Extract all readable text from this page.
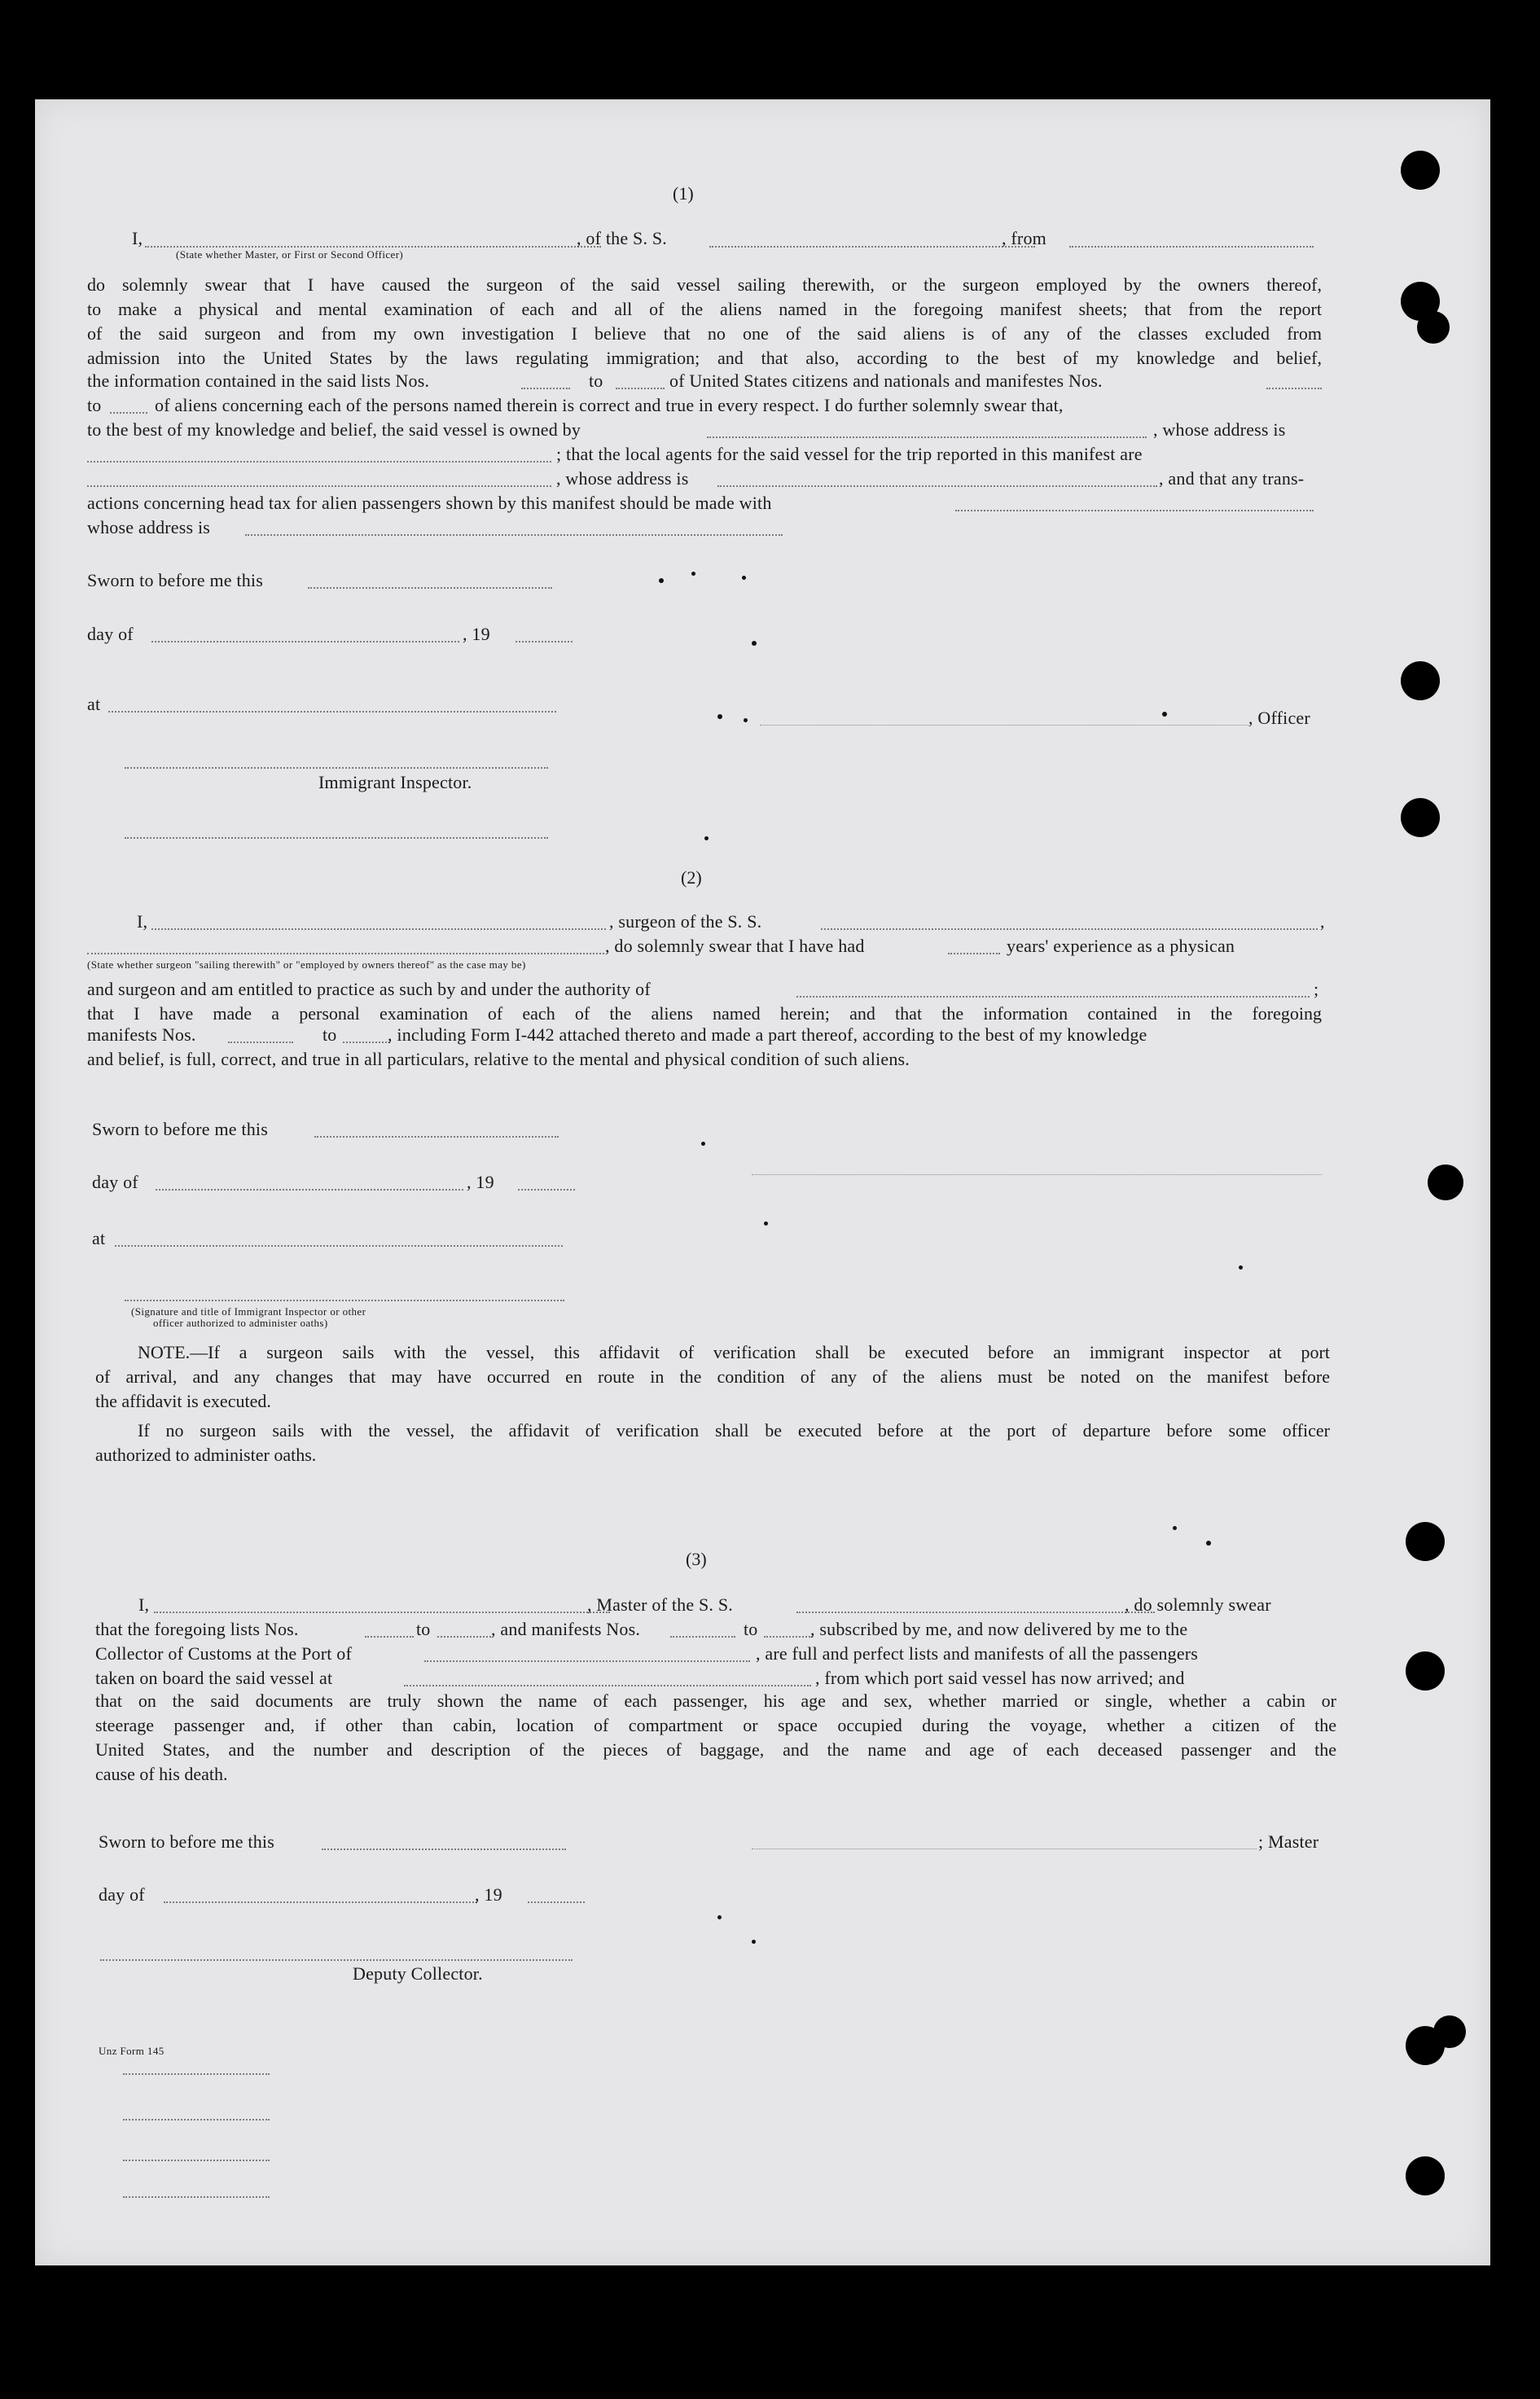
(1)
I,	, of the S. S.	, from
(State whether Master, or First or Second Officer)
do solemnly swear that I have caused the surgeon of the said vessel sailing therewith, or the surgeon employed by the owners thereof,
to make a physical and mental examination of each and all of the aliens named in the foregoing manifest sheets; that from the report
of the said surgeon and from my own investigation I believe that no one of the said aliens is of any of the classes excluded from
admission into the United States by the laws regulating immigration; and that also, according to the best of my knowledge and belief,
the information contained in the said lists Nos.	to	of United States citizens and nationals and manifestes Nos.
to	of aliens concerning each of the persons named therein is correct and true in every respect. I do further solemnly swear that,
to the best of my knowledge and belief, the said vessel is owned by	, whose address is
; that the local agents for the said vessel for the trip reported in this manifest are
, whose address is	, and that any trans-
actions concerning head tax for alien passengers shown by this manifest should be made with
whose address is
Sworn to before me this
day of	, 19
at
, Officer
Immigrant Inspector.
(2)
I,	, surgeon of the S. S.	,
, do solemnly swear that I have had	years' experience as a physican
(State whether surgeon "sailing therewith" or "employed by owners thereof" as the case may be)
and surgeon and am entitled to practice as such by and under the authority of	;
that I have made a personal examination of each of the aliens named herein; and that the information contained in the foregoing
manifests Nos.	to	, including Form I-442 attached thereto and made a part thereof, according to the best of my knowledge
and belief, is full, correct, and true in all particulars, relative to the mental and physical condition of such aliens.
Sworn to before me this
day of	, 19
at
(Signature and title of Immigrant Inspector or other
officer authorized to administer oaths)
NOTE.—If a surgeon sails with the vessel, this affidavit of verification shall be executed before an immigrant inspector at port
of arrival, and any changes that may have occurred en route in the condition of any of the aliens must be noted on the manifest before
the affidavit is executed.
If no surgeon sails with the vessel, the affidavit of verification shall be executed before at the port of departure before some officer
authorized to administer oaths.
(3)
I,	, Master of the S. S.	, do solemnly swear
that the foregoing lists Nos.	to	, and manifests Nos.	to	, subscribed by me, and now delivered by me to the
Collector of Customs at the Port of	, are full and perfect lists and manifests of all the passengers
taken on board the said vessel at	, from which port said vessel has now arrived; and
that on the said documents are truly shown the name of each passenger, his age and sex, whether married or single, whether a cabin or
steerage passenger and, if other than cabin, location of compartment or space occupied during the voyage, whether a citizen of the
United States, and the number and description of the pieces of baggage, and the name and age of each deceased passenger and the
cause of his death.
Sworn to before me this	; Master
day of	, 19
Deputy Collector.
Unz Form 145
